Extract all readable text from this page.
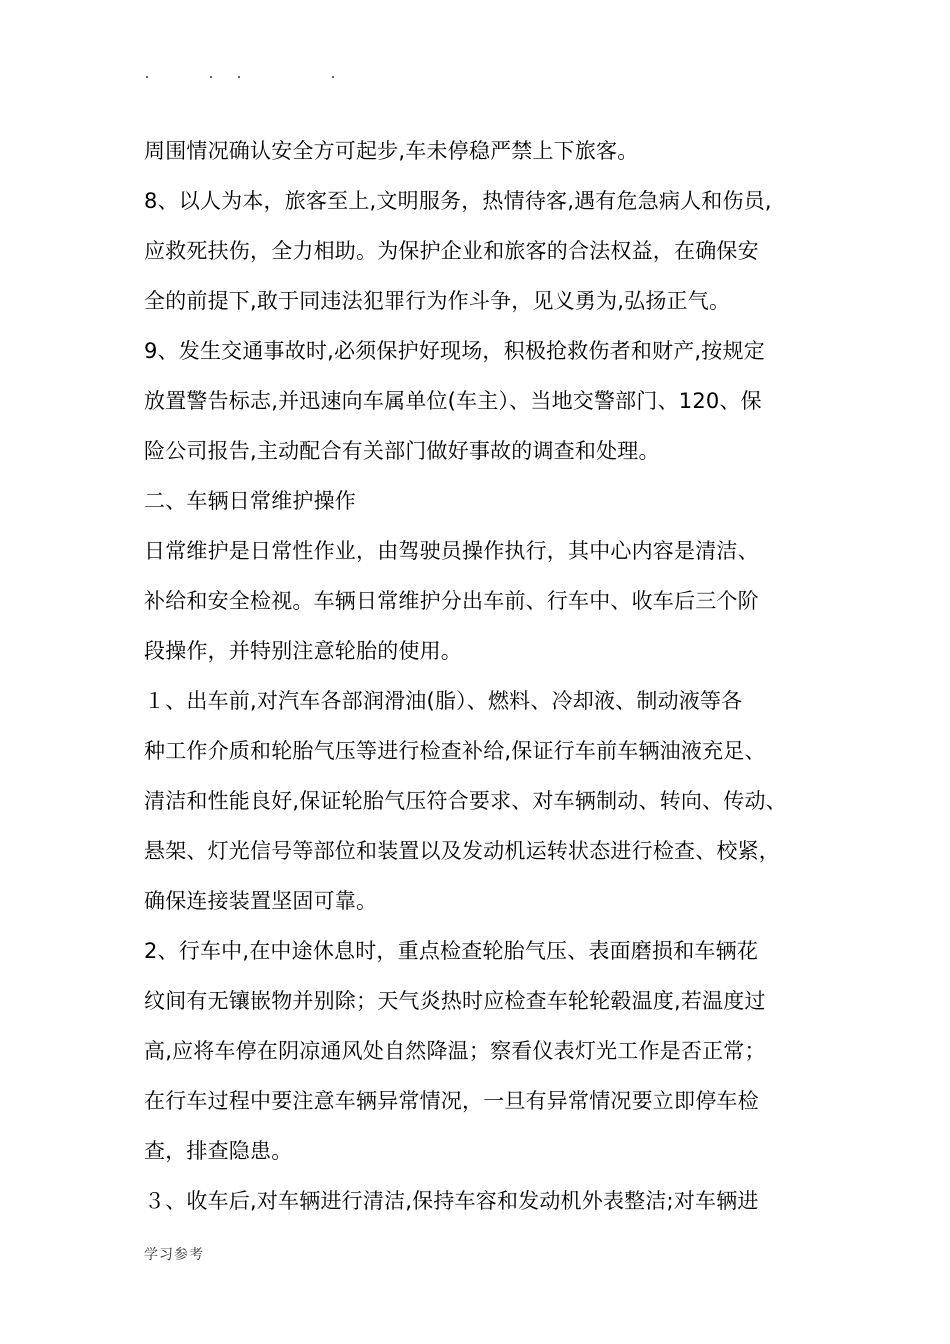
周围情况确认安全方可起步,车未停稳严禁上下旅客。
8、以人为本，旅客至上,文明服务，热情待客,遇有危急病人和伤员,
应救死扶伤，全力相助。为保护企业和旅客的合法权益，在确保安
全的前提下,敢于同违法犯罪行为作斗争，见义勇为,弘扬正气。
9、发生交通事故时,必须保护好现场，积极抢救伤者和财产,按规定
放置警告标志,并迅速向车属单位(车主）、当地交警部门、120、保
险公司报告,主动配合有关部门做好事故的调查和处理。
二、车辆日常维护操作
日常维护是日常性作业，由驾驶员操作执行，其中心内容是清洁、
补给和安全检视。车辆日常维护分出车前、行车中、收车后三个阶
段操作，并特别注意轮胎的使用。
１、出车前,对汽车各部润滑油(脂）、燃料、冷却液、制动液等各
种工作介质和轮胎气压等进行检查补给,保证行车前车辆油液充足、
清洁和性能良好,保证轮胎气压符合要求、对车辆制动、转向、传动、
悬架、灯光信号等部位和装置以及发动机运转状态进行检查、校紧，
确保连接装置坚固可靠。
2、行车中,在中途休息时，重点检查轮胎气压、表面磨损和车辆花
纹间有无镶嵌物并别除；天气炎热时应检查车轮轮毂温度,若温度过
高,应将车停在阴凉通风处自然降温；察看仪表灯光工作是否正常；
在行车过程中要注意车辆异常情况，一旦有异常情况要立即停车检
查，排查隐患。
３、收车后,对车辆进行清洁,保持车容和发动机外表整洁;对车辆进
学习参考
